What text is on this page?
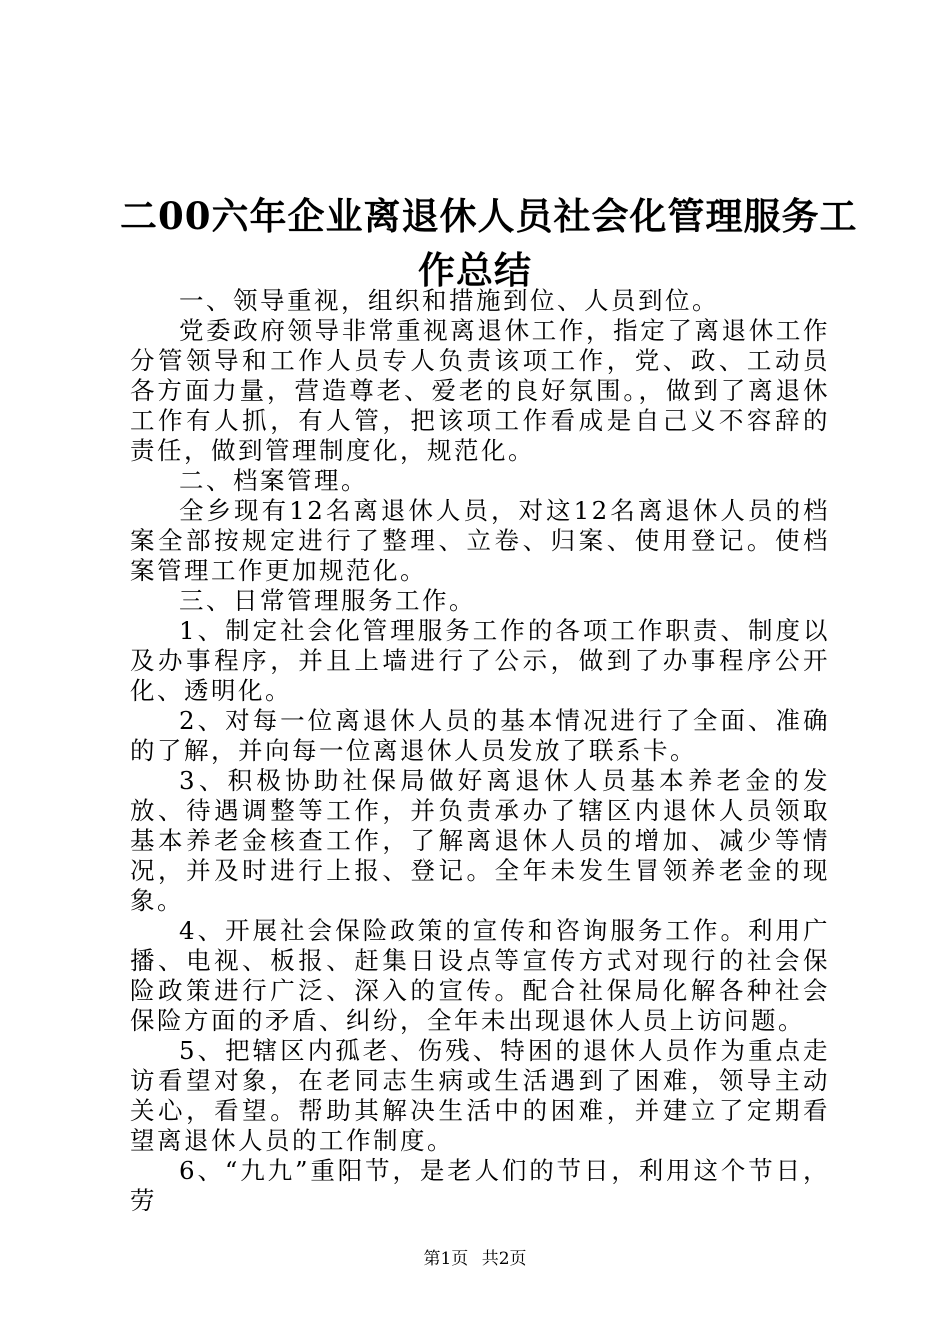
二00六年企业离退休人员社会化管理服务工
作总结

一、领导重视，组织和措施到位、人员到位。

党委政府领导非常重视离退休工作，指定了离退休工作分管领导和工作人员专人负责该项工作，党、政、工动员各方面力量，营造尊老、爱老的良好氛围。，做到了离退休工作有人抓，有人管，把该项工作看成是自己义不容辞的责任，做到管理制度化，规范化。

二、档案管理。

全乡现有12名离退休人员，对这12名离退休人员的档案全部按规定进行了整理、立卷、归案、使用登记。使档案管理工作更加规范化。

三、日常管理服务工作。

1、制定社会化管理服务工作的各项工作职责、制度以及办事程序，并且上墙进行了公示，做到了办事程序公开化、透明化。

2、对每一位离退休人员的基本情况进行了全面、准确的了解，并向每一位离退休人员发放了联系卡。

3、积极协助社保局做好离退休人员基本养老金的发放、待遇调整等工作，并负责承办了辖区内退休人员领取基本养老金核查工作，了解离退休人员的增加、减少等情况，并及时进行上报、登记。全年未发生冒领养老金的现象。

4、开展社会保险政策的宣传和咨询服务工作。利用广播、电视、板报、赶集日设点等宣传方式对现行的社会保险政策进行广泛、深入的宣传。配合社保局化解各种社会保险方面的矛盾、纠纷，全年未出现退休人员上访问题。

5、把辖区内孤老、伤残、特困的退休人员作为重点走访看望对象，在老同志生病或生活遇到了困难，领导主动关心，看望。帮助其解决生活中的困难，并建立了定期看望离退休人员的工作制度。

6、“九九”重阳节，是老人们的节日，利用这个节日，劳

第1页 共2页
